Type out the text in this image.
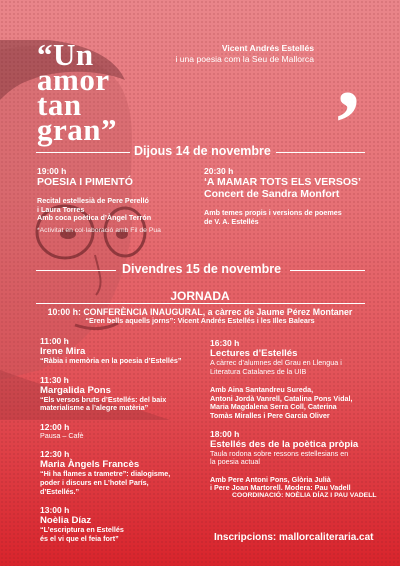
“Un
amor
tan
gran”
Vicent Andrés Estellés
i una poesia com la Seu de Mallorca ,
Dijous 14 de novembre
19:00 h
POESIA I PIMENTÓ
Recital estellesià de Pere Perelló
i Laura Torres
Amb coca poètica d’Àngel Terrón
*Activitat en col·laboració amb Fil de Pua
20:30 h
‘A MAMAR TOTS ELS VERSOS’
Concert de Sandra Monfort
Amb temes propis i versions de poemes
de V. A. Estellés
Divendres 15 de novembre
JORNADA
10:00 h: CONFERÈNCIA INAUGURAL, a càrrec de Jaume Pérez Montaner
“Eren bells aquells jorns”: Vicent Andrés Estellés i les Illes Balears
11:00 h
Irene Mira
“Ràbia i memòria en la poesia d’Estellés”
11:30 h
Margalida Pons
“Els versos bruts d’Estellés: del baix
materialisme a l’alegre matèria”
12:00 h
Pausa – Cafè
12:30 h
Maria Àngels Francès
“Hi ha flames a tramet​re”: dialogisme,
poder i discurs en L’hotel París,
d’Estellés.”
13:00 h
Noèlia Díaz
“L’escriptura en Estellés
és el vi que el feia fort”
16:30 h
Lectures d’Estellés
A càrrec d’alumnes del Grau en Llengua i
Literatura Catalanes de la UIB
Amb Aina Santandreu Sureda,
Antoni Jordà Vanrell, Catalina Pons Vidal,
Maria Magdalena Serra Coll, Caterina
Tomàs Miralles i Pere Garcia Oliver
18:00 h
Estellés des de la poètica pròpia
Taula rodona sobre ressons estellesians en
la poesia actual
Amb Pere Antoni Pons, Glòria Julià
i Pere Joan Martorell. Modera: Pau Vadell
COORDINACIÓ: NOÈLIA DÍAZ I PAU VADELL
Inscripcions: mallorcaliteraria.cat
